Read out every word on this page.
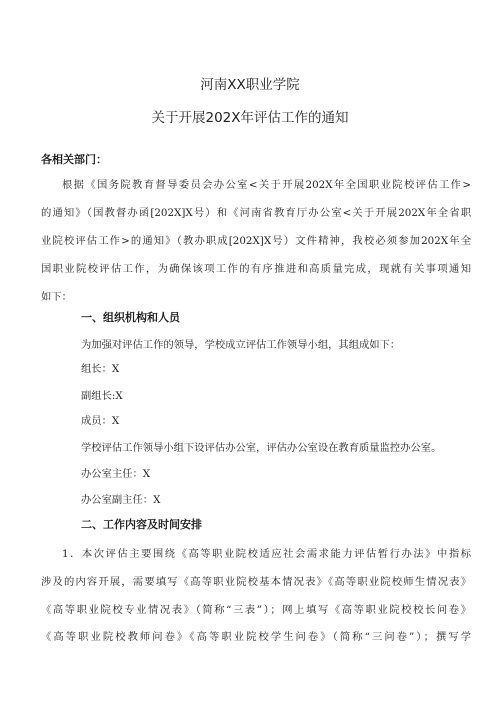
河南XX职业学院
关于开展202X年评估工作的通知
各相关部门：
根据《国务院教育督导委员会办公室<关于开展202X年全国职业院校评估工作>
的通知》（国教督办函[202X]X号）和《河南省教育厅办公室<关于开展202X年全省职
业院校评估工作>的通知》（教办职成[202X]X号）文件精神，我校必须参加202X年全
国职业院校评估工作，为确保该项工作的有序推进和高质量完成，现就有关事项通知
如下：
一、组织机构和人员
为加强对评估工作的领导，学校成立评估工作领导小组，其组成如下：
组长：X
副组长:X
成员：X
学校评估工作领导小组下设评估办公室，评估办公室设在教育质量监控办公室。
办公室主任：X
办公室副主任：X
二、工作内容及时间安排
1．本次评估主要围绕《高等职业院校适应社会需求能力评估暂行办法》中指标
涉及的内容开展，需要填写《高等职业院校基本情况表》《高等职业院校师生情况表》
《高等职业院校专业情况表》（简称“三表”）；网上填写《高等职业院校校长问卷》
《高等职业院校教师问卷》《高等职业院校学生问卷》（简称“三问卷”）；撰写学
